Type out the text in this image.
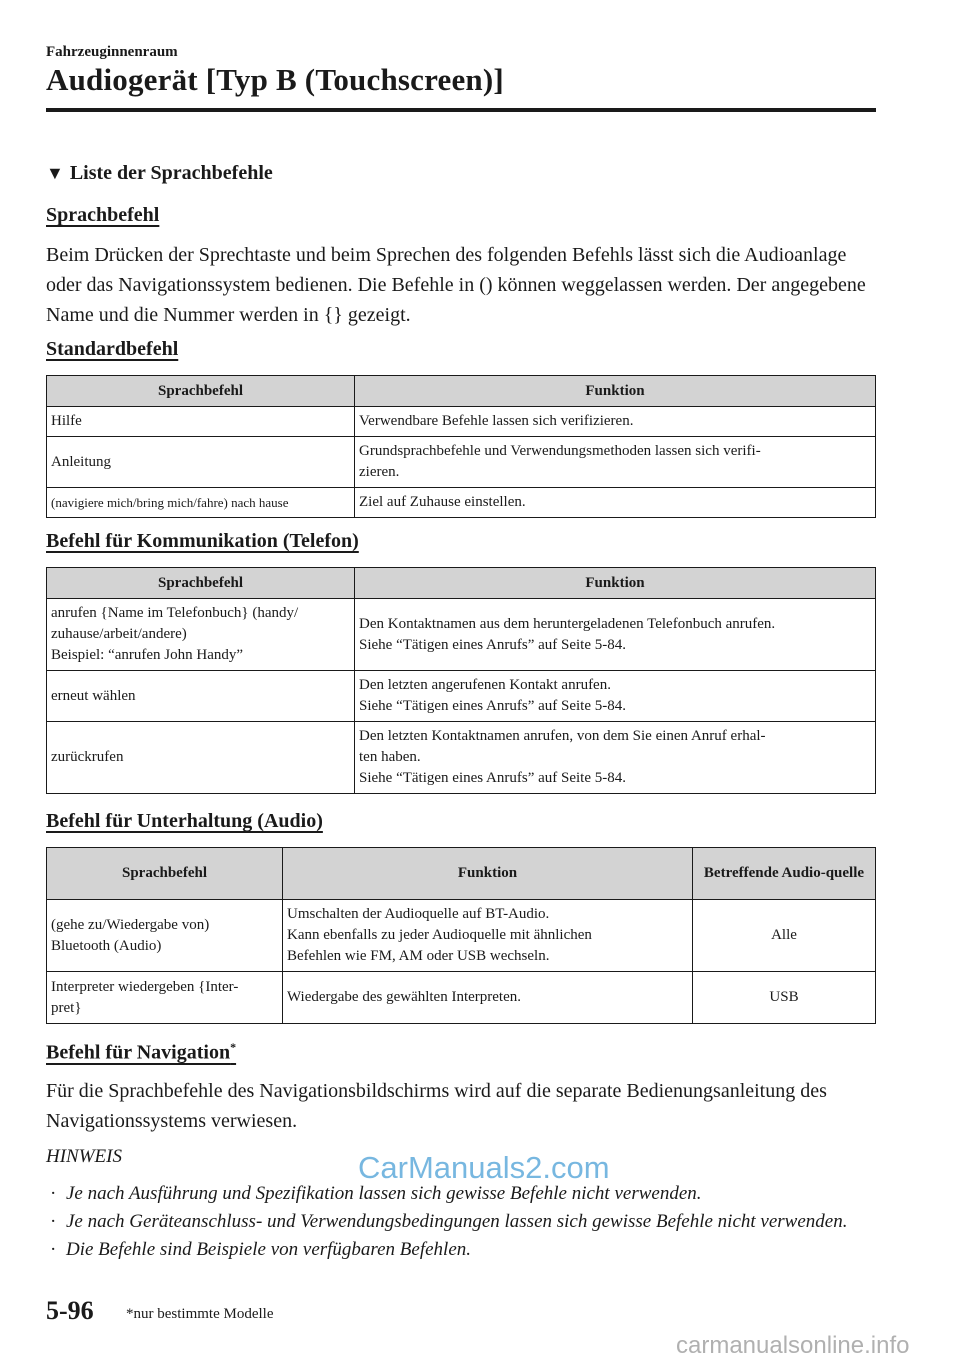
Fahrzeuginnenraum
Audiogerät [Typ B (Touchscreen)]
▼ Liste der Sprachbefehle
Sprachbefehl
Beim Drücken der Sprechtaste und beim Sprechen des folgenden Befehls lässt sich die Audioanlage oder das Navigationssystem bedienen. Die Befehle in () können weggelassen werden. Der angegebene Name und die Nummer werden in {} gezeigt.
Standardbefehl
Sprachbefehl	Funktion
Hilfe	Verwendbare Befehle lassen sich verifizieren.
Anleitung	Grundsprachbefehle und Verwendungsmethoden lassen sich verifi-
zieren.
(navigiere mich/bring mich/fahre) nach hause	Ziel auf Zuhause einstellen.
Befehl für Kommunikation (Telefon)
Sprachbefehl	Funktion
anrufen {Name im Telefonbuch} (handy/
zuhause/arbeit/andere)
Beispiel: “anrufen John Handy”	Den Kontaktnamen aus dem heruntergeladenen Telefonbuch anrufen.
Siehe “Tätigen eines Anrufs” auf Seite 5-84.
erneut wählen	Den letzten angerufenen Kontakt anrufen.
Siehe “Tätigen eines Anrufs” auf Seite 5-84.
zurückrufen	Den letzten Kontaktnamen anrufen, von dem Sie einen Anruf erhal-
ten haben.
Siehe “Tätigen eines Anrufs” auf Seite 5-84.
Befehl für Unterhaltung (Audio)
Sprachbefehl	Funktion	Betreffende Audio-quelle
(gehe zu/Wiedergabe von)
Bluetooth (Audio)	Umschalten der Audioquelle auf BT-Audio.
Kann ebenfalls zu jeder Audioquelle mit ähnlichen
Befehlen wie FM, AM oder USB wechseln.	Alle
Interpreter wiedergeben {Inter-
pret}	Wiedergabe des gewählten Interpreten.	USB
Befehl für Navigation*
Für die Sprachbefehle des Navigationsbildschirms wird auf die separate Bedienungsanleitung des Navigationssystems verwiesen.
HINWEIS
· Je nach Ausführung und Spezifikation lassen sich gewisse Befehle nicht verwenden.
· Je nach Geräteanschluss- und Verwendungsbedingungen lassen sich gewisse Befehle nicht verwenden.
· Die Befehle sind Beispiele von verfügbaren Befehlen.
5-96 *nur bestimmte Modelle
CarManuals2.com
carmanualsonline.info
